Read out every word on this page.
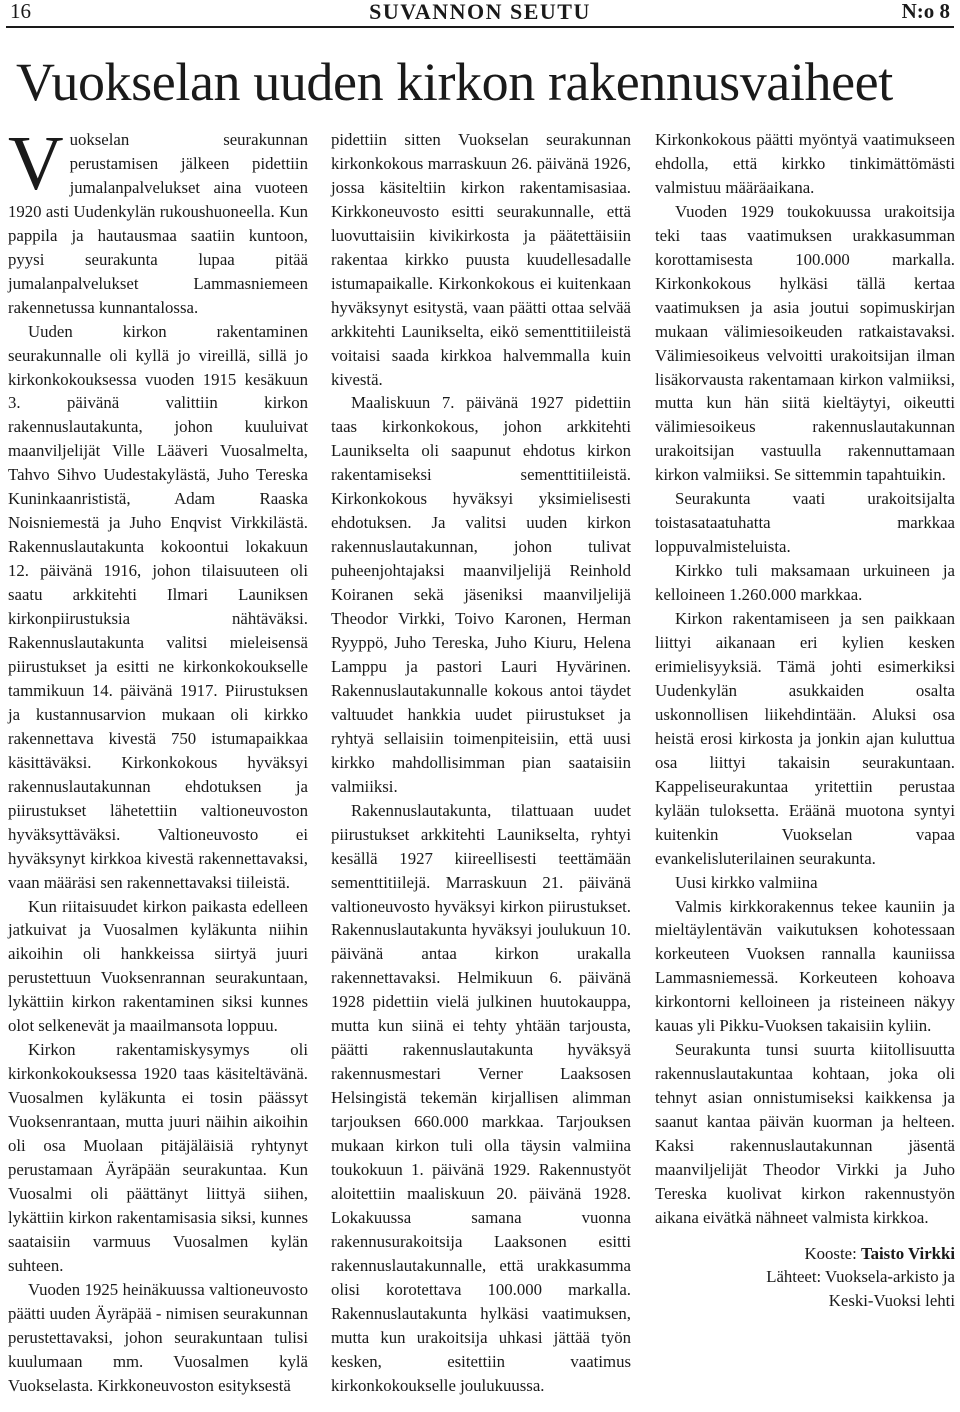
16	SUVANNON SEUTU	N:o 8
Vuokselan uuden kirkon rakennusvaiheet

Vuokselan seurakunnan perustamisen jälkeen pidettiin jumalanpalvelukset aina vuoteen 1920 asti Uudenkylän rukoushuoneella. Kun pappila ja hautausmaa saatiin kuntoon, pyysi seurakunta lupaa pitää jumalanpalvelukset Lammasniemeen rakennetussa kunnantalossa.

Uuden kirkon rakentaminen seurakunnalle oli kyllä jo vireillä, sillä jo kirkonkokouksessa vuoden 1915 kesäkuun 3. päivänä valittiin kirkon rakennuslautakunta, johon kuuluivat maanviljelijät Ville Lääveri Vuosalmelta, Tahvo Sihvo Uudestakylästä, Juho Tereska Kuninkaanrististä, Adam Raaska Noisniemestä ja Juho Enqvist Virkkilästä. Rakennuslautakunta kokoontui lokakuun 12. päivänä 1916, johon tilaisuuteen oli saatu arkkitehti Ilmari Launiksen kirkonpiirustuksia nähtäväksi. Rakennuslautakunta valitsi mieleisensä piirustukset ja esitti ne kirkonkokoukselle tammikuun 14. päivänä 1917. Piirustuksen ja kustannusarvion mukaan oli kirkko rakennettava kivestä 750 istumapaikkaa käsittäväksi. Kirkonkokous hyväksyi rakennuslautakunnan ehdotuksen ja piirustukset lähetettiin valtioneuvoston hyväksyttäväksi. Valtioneuvosto ei hyväksynyt kirkkoa kivestä rakennettavaksi, vaan määräsi sen rakennettavaksi tiileistä.

Kun riitaisuudet kirkon paikasta edelleen jatkuivat ja Vuosalmen kyläkunta niihin aikoihin oli hankkeissa siirtyä juuri perustettuun Vuoksenrannan seurakuntaan, lykättiin kirkon rakentaminen siksi kunnes olot selkenevät ja maailmansota loppuu.

Kirkon rakentamiskysymys oli kirkonkokouksessa 1920 taas käsiteltävänä. Vuosalmen kyläkunta ei tosin päässyt Vuoksenrantaan, mutta juuri näihin aikoihin oli osa Muolaan pitäjäläisiä ryhtynyt perustamaan Äyräpään seurakuntaa. Kun Vuosalmi oli päättänyt liittyä siihen, lykättiin kirkon rakentamisasia siksi, kunnes saataisiin varmuus Vuosalmen kylän suhteen.

Vuoden 1925 heinäkuussa valtioneuvosto päätti uuden Äyräpää - nimisen seurakunnan perustettavaksi, johon seurakuntaan tulisi kuulumaan mm. Vuosalmen kylä Vuokselasta. Kirkkoneuvoston esityksestä

pidettiin sitten Vuokselan seurakunnan kirkonkokous marraskuun 26. päivänä 1926, jossa käsiteltiin kirkon rakentamisasiaa. Kirkkoneuvosto esitti seurakunnalle, että luovuttaisiin kivikirkosta ja päätettäisiin rakentaa kirkko puusta kuudellesadalle istumapaikalle. Kirkonkokous ei kuitenkaan hyväksynyt esitystä, vaan päätti ottaa selvää arkkitehti Launikselta, eikö sementtitiileistä voitaisi saada kirkkoa halvemmalla kuin kivestä.

Maaliskuun 7. päivänä 1927 pidettiin taas kirkonkokous, johon arkkitehti Launikselta oli saapunut ehdotus kirkon rakentamiseksi sementtitiileistä. Kirkonkokous hyväksyi yksimielisesti ehdotuksen. Ja valitsi uuden kirkon rakennuslautakunnan, johon tulivat puheenjohtajaksi maanviljelijä Reinhold Koiranen sekä jäseniksi maanviljelijä Theodor Virkki, Toivo Karonen, Herman Ryyppö, Juho Tereska, Juho Kiuru, Helena Lamppu ja pastori Lauri Hyvärinen. Rakennuslautakunnalle kokous antoi täydet valtuudet hankkia uudet piirustukset ja ryhtyä sellaisiin toimenpiteisiin, että uusi kirkko mahdollisimman pian saataisiin valmiiksi.

Rakennuslautakunta, tilattuaan uudet piirustukset arkkitehti Launikselta, ryhtyi kesällä 1927 kiireellisesti teettämään sementtitiilejä. Marraskuun 21. päivänä valtioneuvosto hyväksyi kirkon piirustukset. Rakennuslautakunta hyväksyi joulukuun 10. päivänä antaa kirkon urakalla rakennettavaksi. Helmikuun 6. päivänä 1928 pidettiin vielä julkinen huutokauppa, mutta kun siinä ei tehty yhtään tarjousta, päätti rakennuslautakunta hyväksyä rakennusmestari Verner Laaksosen Helsingistä tekemän kirjallisen alimman tarjouksen 660.000 markkaa. Tarjouksen mukaan kirkon tuli olla täysin valmiina toukokuun 1. päivänä 1929. Rakennustyöt aloitettiin maaliskuun 20. päivänä 1928. Lokakuussa samana vuonna rakennusurakoitsija Laaksonen esitti rakennuslautakunnalle, että urakkasumma olisi korotettava 100.000 markalla. Rakennuslautakunta hylkäsi vaatimuksen, mutta kun urakoitsija uhkasi jättää työn kesken, esitettiin vaatimus kirkonkokoukselle joulukuussa.

Kirkonkokous päätti myöntyä vaatimukseen ehdolla, että kirkko tinkimättömästi valmistuu määräaikana.

Vuoden 1929 toukokuussa urakoitsija teki taas vaatimuksen urakkasumman korottamisesta 100.000 markalla. Kirkonkokous hylkäsi tällä kertaa vaatimuksen ja asia joutui sopimuskirjan mukaan välimiesoikeuden ratkaistavaksi. Välimiesoikeus velvoitti urakoitsijan ilman lisäkorvausta rakentamaan kirkon valmiiksi, mutta kun hän siitä kieltäytyi, oikeutti välimiesoikeus rakennuslautakunnan urakoitsijan vastuulla rakennuttamaan kirkon valmiiksi. Se sittemmin tapahtuikin.

Seurakunta vaati urakoitsijalta toistasataatuhatta markkaa loppuvalmisteluista.

Kirkko tuli maksamaan urkuineen ja kelloineen 1.260.000 markkaa.

Kirkon rakentamiseen ja sen paikkaan liittyi aikanaan eri kylien kesken erimielisyyksiä. Tämä johti esimerkiksi Uudenkylän asukkaiden osalta uskonnollisen liikehdintään. Aluksi osa heistä erosi kirkosta ja jonkin ajan kuluttua osa liittyi takaisin seurakuntaan. Kappeliseurakuntaa yritettiin perustaa kylään tuloksetta. Eräänä muotona syntyi kuitenkin Vuokselan vapaa evankelisluterilainen seurakunta.

Uusi kirkko valmiina

Valmis kirkkorakennus tekee kauniin ja mieltäylentävän vaikutuksen kohotessaan korkeuteen Vuoksen rannalla kauniissa Lammasniemessä. Korkeuteen kohoava kirkontorni kelloineen ja risteineen näkyy kauas yli Pikku-Vuoksen takaisiin kyliin.

Seurakunta tunsi suurta kiitollisuutta rakennuslautakuntaa kohtaan, joka oli tehnyt asian onnistumiseksi kaikkensa ja saanut kantaa päivän kuorman ja helteen. Kaksi rakennuslautakunnan jäsentä maanviljelijät Theodor Virkki ja Juho Tereska kuolivat kirkon rakennustyön aikana eivätkä nähneet valmista kirkkoa.

Kooste: Taisto Virkki

Lähteet: Vuoksela-arkisto ja

Keski-Vuoksi lehti
